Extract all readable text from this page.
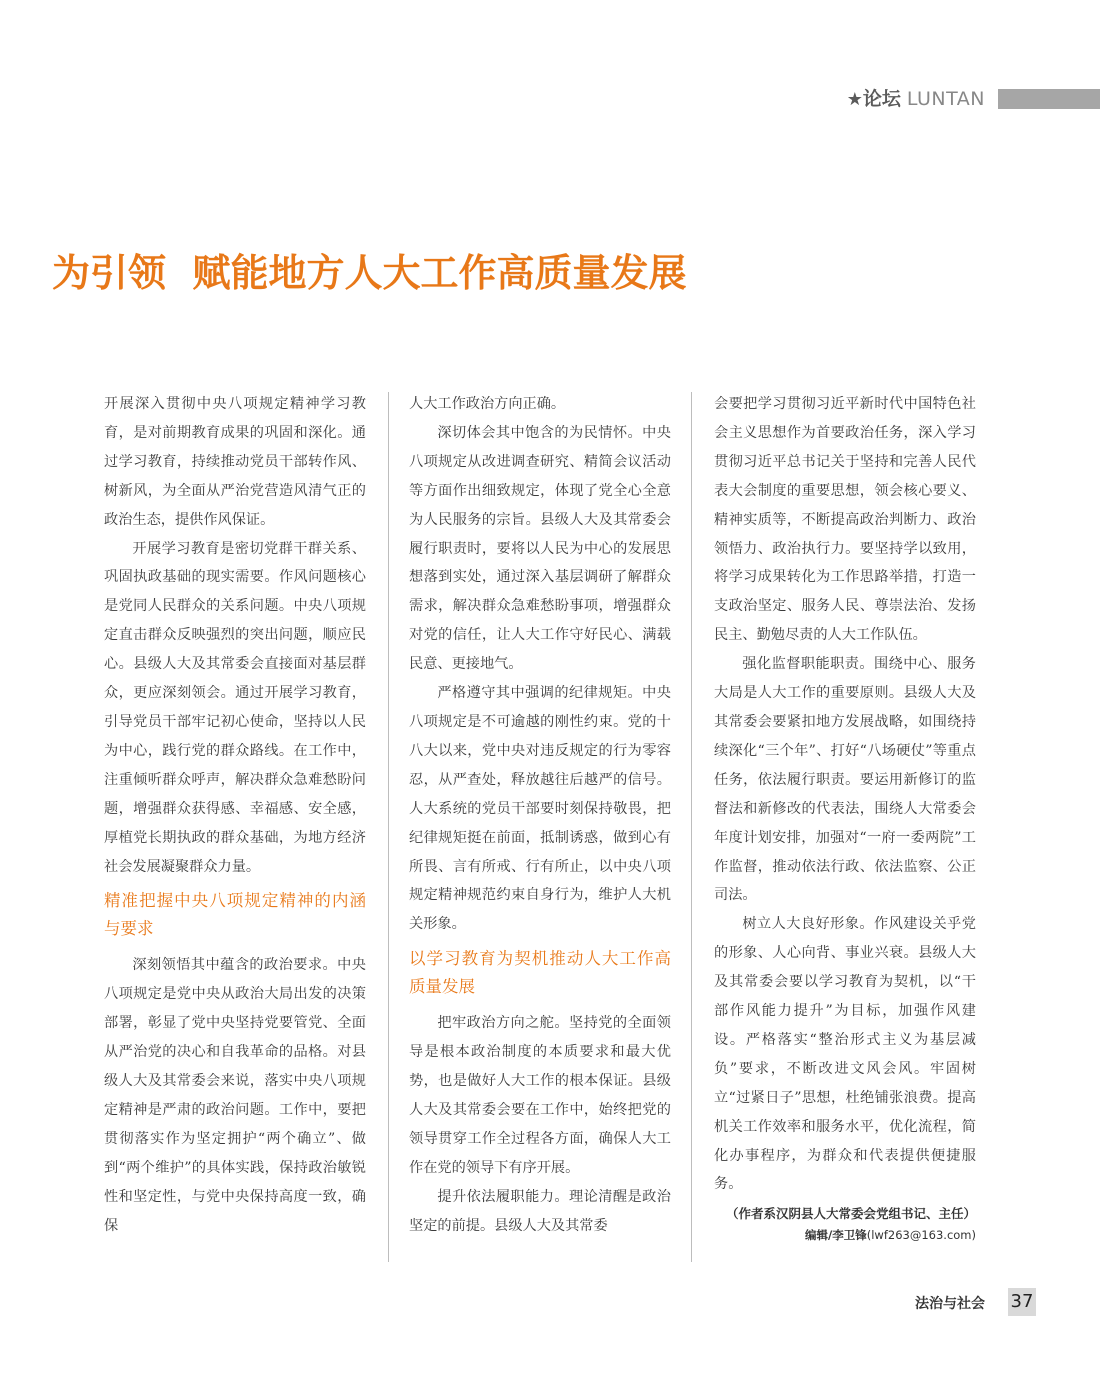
★论坛 LUNTAN
为引领  赋能地方人大工作高质量发展

开展深入贯彻中央八项规定精神学习教育，是对前期教育成果的巩固和深化。通过学习教育，持续推动党员干部转作风、树新风，为全面从严治党营造风清气正的政治生态，提供作风保证。

开展学习教育是密切党群干群关系、巩固执政基础的现实需要。作风问题核心是党同人民群众的关系问题。中央八项规定直击群众反映强烈的突出问题，顺应民心。县级人大及其常委会直接面对基层群众，更应深刻领会。通过开展学习教育，引导党员干部牢记初心使命，坚持以人民为中心，践行党的群众路线。在工作中，注重倾听群众呼声，解决群众急难愁盼问题，增强群众获得感、幸福感、安全感，厚植党长期执政的群众基础，为地方经济社会发展凝聚群众力量。

精准把握中央八项规定精神的内涵与要求

深刻领悟其中蕴含的政治要求。中央八项规定是党中央从政治大局出发的决策部署，彰显了党中央坚持党要管党、全面从严治党的决心和自我革命的品格。对县级人大及其常委会来说，落实中央八项规定精神是严肃的政治问题。工作中，要把贯彻落实作为坚定拥护“两个确立”、做到“两个维护”的具体实践，保持政治敏锐性和坚定性，与党中央保持高度一致，确保

人大工作政治方向正确。

深切体会其中饱含的为民情怀。中央八项规定从改进调查研究、精简会议活动等方面作出细致规定，体现了党全心全意为人民服务的宗旨。县级人大及其常委会履行职责时，要将以人民为中心的发展思想落到实处，通过深入基层调研了解群众需求，解决群众急难愁盼事项，增强群众对党的信任，让人大工作守好民心、满载民意、更接地气。

严格遵守其中强调的纪律规矩。中央八项规定是不可逾越的刚性约束。党的十八大以来，党中央对违反规定的行为零容忍，从严查处，释放越往后越严的信号。人大系统的党员干部要时刻保持敬畏，把纪律规矩挺在前面，抵制诱惑，做到心有所畏、言有所戒、行有所止，以中央八项规定精神规范约束自身行为，维护人大机关形象。

以学习教育为契机推动人大工作高质量发展

把牢政治方向之舵。坚持党的全面领导是根本政治制度的本质要求和最大优势，也是做好人大工作的根本保证。县级人大及其常委会要在工作中，始终把党的领导贯穿工作全过程各方面，确保人大工作在党的领导下有序开展。

提升依法履职能力。理论清醒是政治坚定的前提。县级人大及其常委

会要把学习贯彻习近平新时代中国特色社会主义思想作为首要政治任务，深入学习贯彻习近平总书记关于坚持和完善人民代表大会制度的重要思想，领会核心要义、精神实质等，不断提高政治判断力、政治领悟力、政治执行力。要坚持学以致用，将学习成果转化为工作思路举措，打造一支政治坚定、服务人民、尊崇法治、发扬民主、勤勉尽责的人大工作队伍。

强化监督职能职责。围绕中心、服务大局是人大工作的重要原则。县级人大及其常委会要紧扣地方发展战略，如围绕持续深化“三个年”、打好“八场硬仗”等重点任务，依法履行职责。要运用新修订的监督法和新修改的代表法，围绕人大常委会年度计划安排，加强对“一府一委两院”工作监督，推动依法行政、依法监察、公正司法。

树立人大良好形象。作风建设关乎党的形象、人心向背、事业兴衰。县级人大及其常委会要以学习教育为契机，以“干部作风能力提升”为目标，加强作风建设。严格落实“整治形式主义为基层减负”要求，不断改进文风会风。牢固树立“过紧日子”思想，杜绝铺张浪费。提高机关工作效率和服务水平，优化流程，简化办事程序，为群众和代表提供便捷服务。

（作者系汉阴县人大常委会党组书记、主任）

编辑/李卫锋(lwf263@163.com)

法治与社会 37
